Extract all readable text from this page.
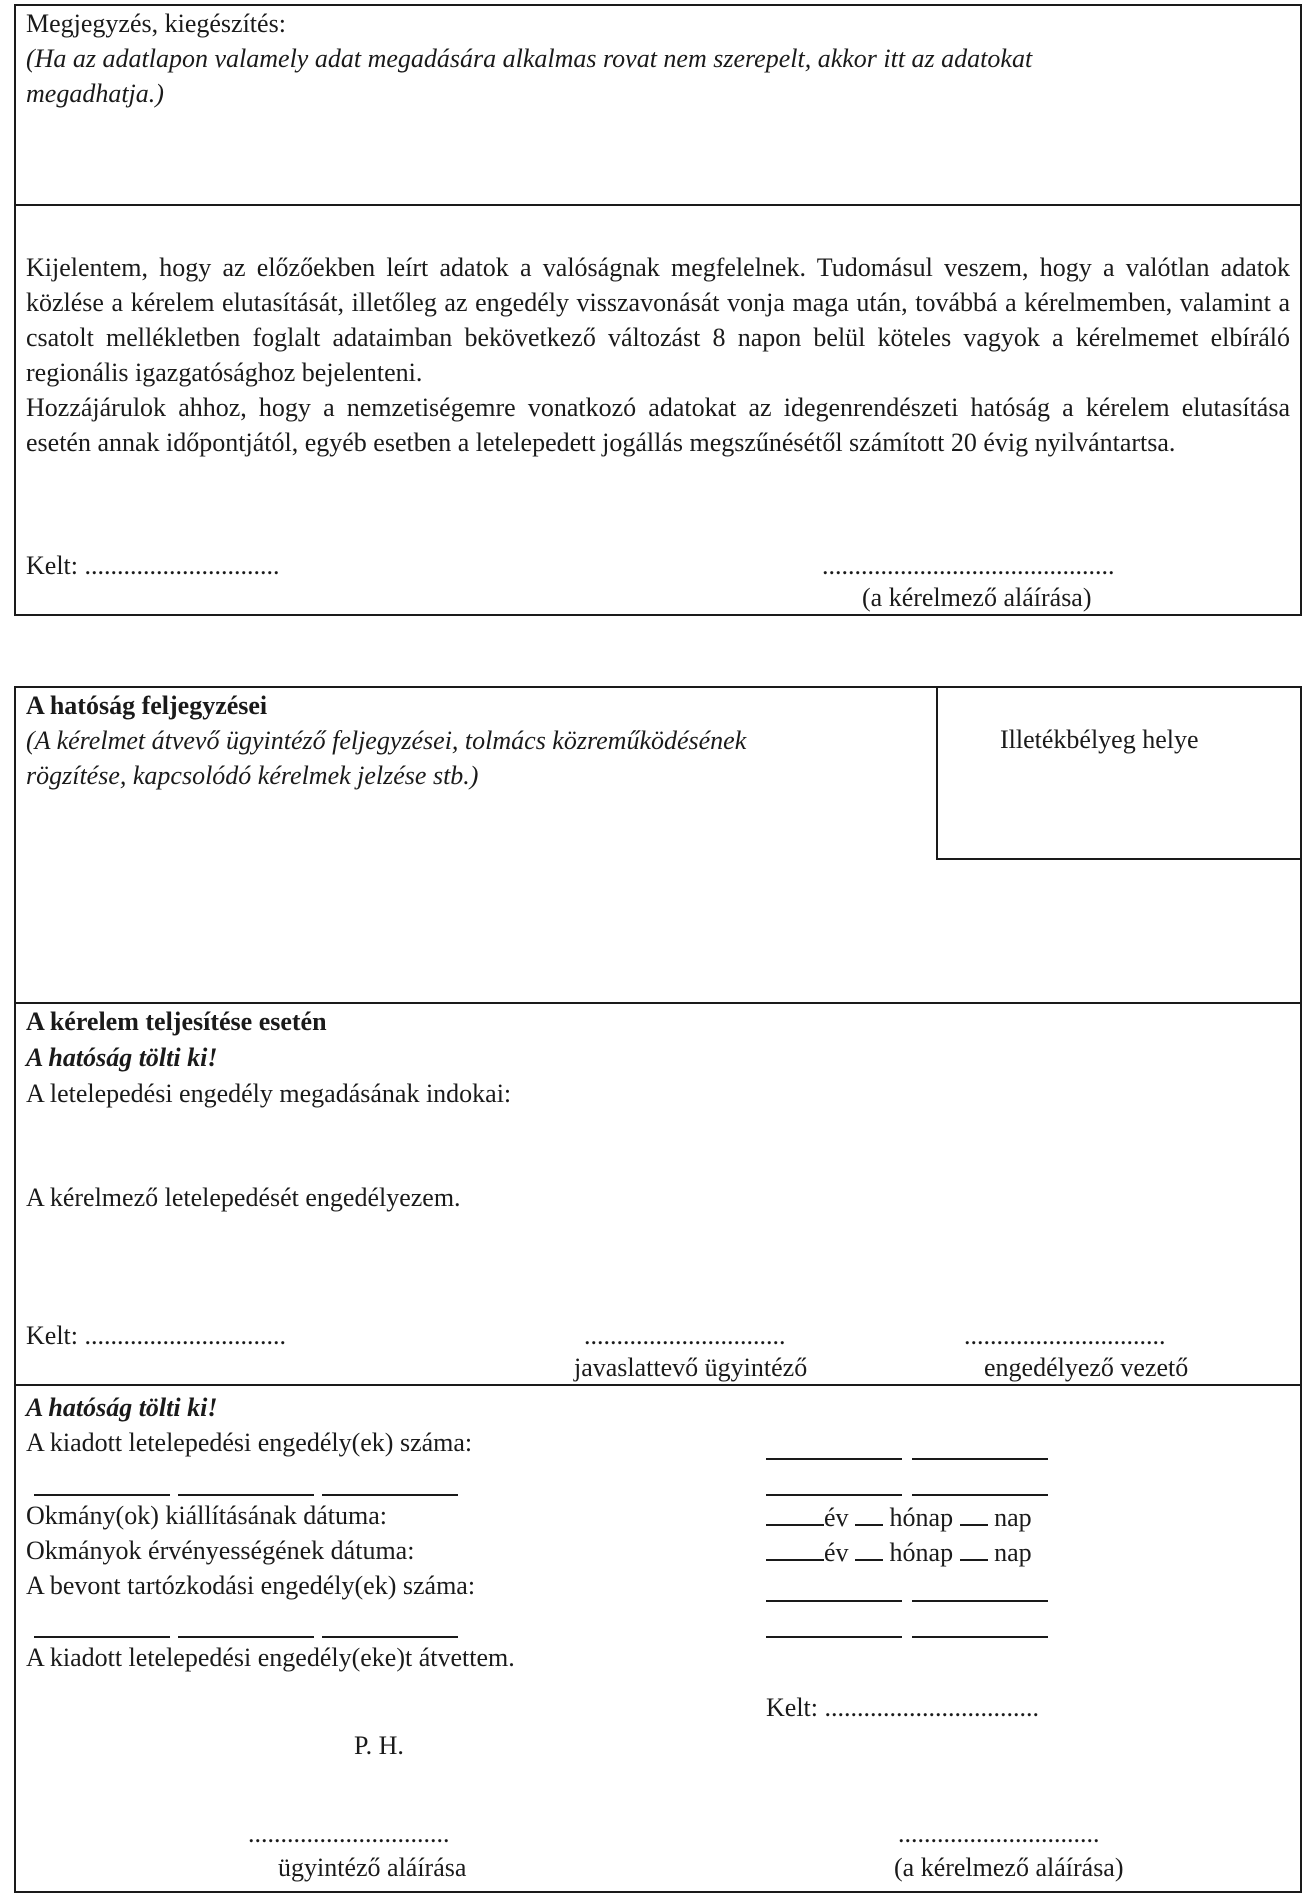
Megjegyzés, kiegészítés:
(Ha az adatlapon valamely adat megadására alkalmas rovat nem szerepelt, akkor itt az adatokat
megadhatja.)
Kijelentem, hogy az előzőekben leírt adatok a valóságnak megfelelnek. Tudomásul veszem, hogy a valótlan adatok közlése a kérelem elutasítását, illetőleg az engedély visszavonását vonja maga után, továbbá a kérelmemben, valamint a csatolt mellékletben foglalt adataimban bekövetkező változást 8 napon belül köteles vagyok a kérelmemet elbíráló regionális igazgatósághoz bejelenteni.
Hozzájárulok ahhoz, hogy a nemzetiségemre vonatkozó adatokat az idegenrendészeti hatóság a kérelem elutasítása esetén annak időpontjától, egyéb esetben a letelepedett jogállás megszűnésétől számított 20 évig nyilvántartsa.
Kelt: ..............................	.............................................
(a kérelmező aláírása)
A hatóság feljegyzései
(A kérelmet átvevő ügyintéző feljegyzései, tolmács közreműködésének
rögzítése, kapcsolódó kérelmek jelzése stb.)
Illetékbélyeg helye
A kérelem teljesítése esetén
A hatóság tölti ki!
A letelepedési engedély megadásának indokai:
A kérelmező letelepedését engedélyezem.
Kelt: ...............................	...............................
javaslattevő ügyintéző
...............................
engedélyező vezető
A hatóság tölti ki!
A kiadott letelepedési engedély(ek) száma:
Okmány(ok) kiállításának dátuma:	év hónap nap
Okmányok érvényességének dátuma:	év hónap nap
A bevont tartózkodási engedély(ek) száma:
A kiadott letelepedési engedély(eke)t átvettem.
Kelt: .................................
P. H.
...............................
ügyintéző aláírása
...............................
(a kérelmező aláírása)
